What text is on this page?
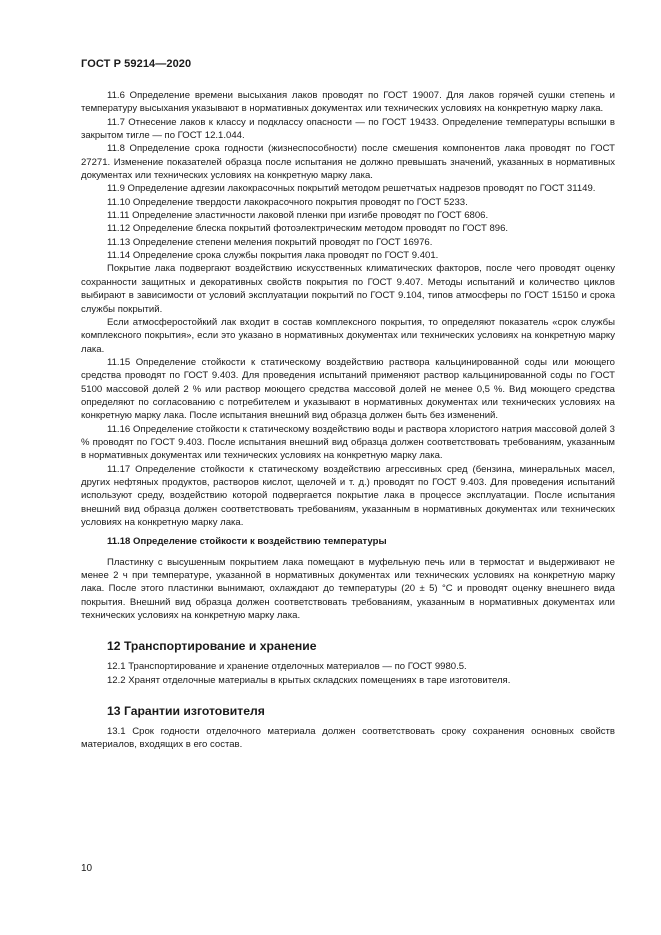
ГОСТ Р 59214—2020

11.6 Определение времени высыхания лаков проводят по ГОСТ 19007. Для лаков горячей сушки степень и температуру высыхания указывают в нормативных документах или технических условиях на конкретную марку лака.

11.7 Отнесение лаков к классу и подклассу опасности — по ГОСТ 19433. Определение температуры вспышки в закрытом тигле — по ГОСТ 12.1.044.

11.8 Определение срока годности (жизнеспособности) после смешения компонентов лака проводят по ГОСТ 27271. Изменение показателей образца после испытания не должно превышать значений, указанных в нормативных документах или технических условиях на конкретную марку лака.

11.9 Определение адгезии лакокрасочных покрытий методом решетчатых надрезов проводят по ГОСТ 31149.

11.10 Определение твердости лакокрасочного покрытия проводят по ГОСТ 5233.

11.11 Определение эластичности лаковой пленки при изгибе проводят по ГОСТ 6806.

11.12 Определение блеска покрытий фотоэлектрическим методом проводят по ГОСТ 896.

11.13 Определение степени меления покрытий проводят по ГОСТ 16976.

11.14 Определение срока службы покрытия лака проводят по ГОСТ 9.401.

Покрытие лака подвергают воздействию искусственных климатических факторов, после чего проводят оценку сохранности защитных и декоративных свойств покрытия по ГОСТ 9.407. Методы испытаний и количество циклов выбирают в зависимости от условий эксплуатации покрытий по ГОСТ 9.104, типов атмосферы по ГОСТ 15150 и срока службы покрытий.

Если атмосферостойкий лак входит в состав комплексного покрытия, то определяют показатель «срок службы комплексного покрытия», если это указано в нормативных документах или технических условиях на конкретную марку лака.

11.15 Определение стойкости к статическому воздействию раствора кальцинированной соды или моющего средства проводят по ГОСТ 9.403. Для проведения испытаний применяют раствор кальцинированной соды по ГОСТ 5100 массовой долей 2 % или раствор моющего средства массовой долей не менее 0,5 %. Вид моющего средства определяют по согласованию с потребителем и указывают в нормативных документах или технических условиях на конкретную марку лака. После испытания внешний вид образца должен быть без изменений.

11.16 Определение стойкости к статическому воздействию воды и раствора хлористого натрия массовой долей 3 % проводят по ГОСТ 9.403. После испытания внешний вид образца должен соответствовать требованиям, указанным в нормативных документах или технических условиях на конкретную марку лака.

11.17 Определение стойкости к статическому воздействию агрессивных сред (бензина, минеральных масел, других нефтяных продуктов, растворов кислот, щелочей и т. д.) проводят по ГОСТ 9.403. Для проведения испытаний используют среду, воздействию которой подвергается покрытие лака в процессе эксплуатации. После испытания внешний вид образца должен соответствовать требованиям, указанным в нормативных документах или технических условиях на конкретную марку лака.

11.18 Определение стойкости к воздействию температуры

Пластинку с высушенным покрытием лака помещают в муфельную печь или в термостат и выдерживают не менее 2 ч при температуре, указанной в нормативных документах или технических условиях на конкретную марку лака. После этого пластинки вынимают, охлаждают до температуры (20 ± 5) °С и проводят оценку внешнего вида покрытия. Внешний вид образца должен соответствовать требованиям, указанным в нормативных документах или технических условиях на конкретную марку лака.

12 Транспортирование и хранение

12.1 Транспортирование и хранение отделочных материалов — по ГОСТ 9980.5.

12.2 Хранят отделочные материалы в крытых складских помещениях в таре изготовителя.

13 Гарантии изготовителя

13.1 Срок годности отделочного материала должен соответствовать сроку сохранения основных свойств материалов, входящих в его состав.

10
